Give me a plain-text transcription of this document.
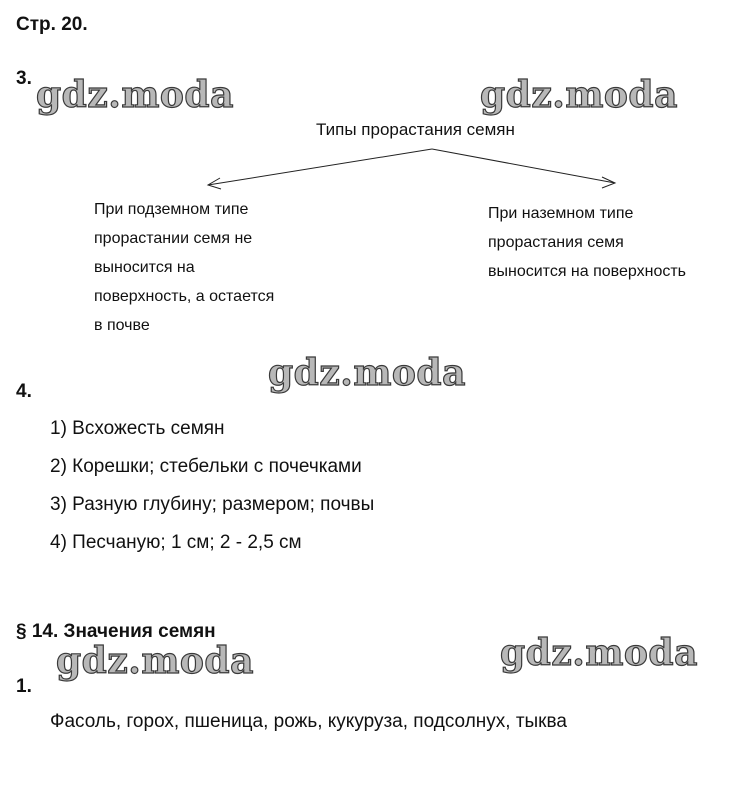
Стр. 20.
3. gdz.moda	gdz.moda
Типы прорастания семян
При подземном типе
прорастании семя не
выносится на
поверхность, а остается
в почве
При наземном типе
прорастания семя
выносится на поверхность
gdz.moda
4.
1) Всхожесть семян
2) Корешки; стебельки с почечками
3) Разную глубину; размером; почвы
4) Песчаную; 1 см; 2 - 2,5 см
§ 14. Значения семян
gdz.moda	gdz.moda
1.
Фасоль, горох, пшеница, рожь, кукуруза, подсолнух, тыква
